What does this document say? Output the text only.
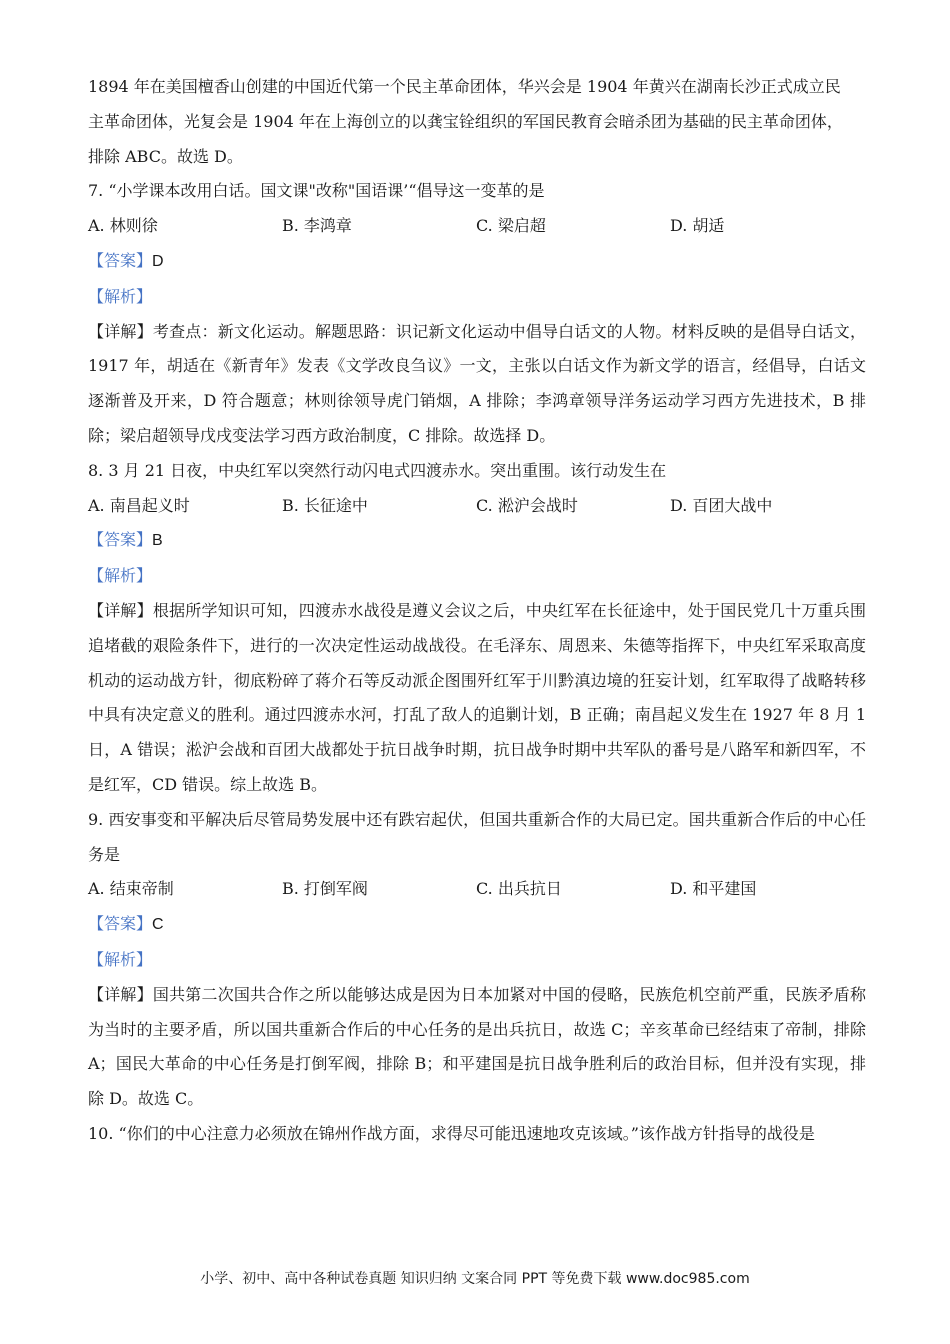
1894 年在美国檀香山创建的中国近代第一个民主革命团体，华兴会是 1904 年黄兴在湖南长沙正式成立民
主革命团体，光复会是 1904 年在上海创立的以龚宝铨组织的军国民教育会暗杀团为基础的民主革命团体，
排除 ABC。故选 D。
7. “小学课本改用白话。国文课"改称"国语课’“倡导这一变革的是
A. 林则徐	B. 李鸿章	C. 梁启超	D. 胡适
【答案】D
【解析】
【详解】考查点：新文化运动。解题思路：识记新文化运动中倡导白话文的人物。材料反映的是倡导白话文，1917 年，胡适在《新青年》发表《文学改良刍议》一文，主张以白话文作为新文学的语言，经倡导，白话文逐渐普及开来，D 符合题意；林则徐领导虎门销烟，A 排除；李鸿章领导洋务运动学习西方先进技术，B 排除；梁启超领导戊戌变法学习西方政治制度，C 排除。故选择 D。
8. 3 月 21 日夜，中央红军以突然行动闪电式四渡赤水。突出重围。该行动发生在
A. 南昌起义时	B. 长征途中	C. 淞沪会战时	D. 百团大战中
【答案】B
【解析】
【详解】根据所学知识可知，四渡赤水战役是遵义会议之后，中央红军在长征途中，处于国民党几十万重兵围追堵截的艰险条件下，进行的一次决定性运动战战役。在毛泽东、周恩来、朱德等指挥下，中央红军采取高度机动的运动战方针，彻底粉碎了蒋介石等反动派企图围歼红军于川黔滇边境的狂妄计划，红军取得了战略转移中具有决定意义的胜利。通过四渡赤水河，打乱了敌人的追剿计划，B 正确；南昌起义发生在 1927 年 8 月 1 日，A 错误；淞沪会战和百团大战都处于抗日战争时期，抗日战争时期中共军队的番号是八路军和新四军，不是红军，CD 错误。综上故选 B。
9. 西安事变和平解决后尽管局势发展中还有跌宕起伏，但国共重新合作的大局已定。国共重新合作后的中心任务是
A. 结束帝制	B. 打倒军阀	C. 出兵抗日	D. 和平建国
【答案】C
【解析】
【详解】国共第二次国共合作之所以能够达成是因为日本加紧对中国的侵略，民族危机空前严重，民族矛盾称为当时的主要矛盾，所以国共重新合作后的中心任务的是出兵抗日，故选 C；辛亥革命已经结束了帝制，排除 A；国民大革命的中心任务是打倒军阀，排除 B；和平建国是抗日战争胜利后的政治目标，但并没有实现，排除 D。故选 C。
10. “你们的中心注意力必须放在锦州作战方面，求得尽可能迅速地攻克该域。”该作战方针指导的战役是
小学、初中、高中各种试卷真题 知识归纳 文案合同 PPT 等免费下载 www.doc985.com
